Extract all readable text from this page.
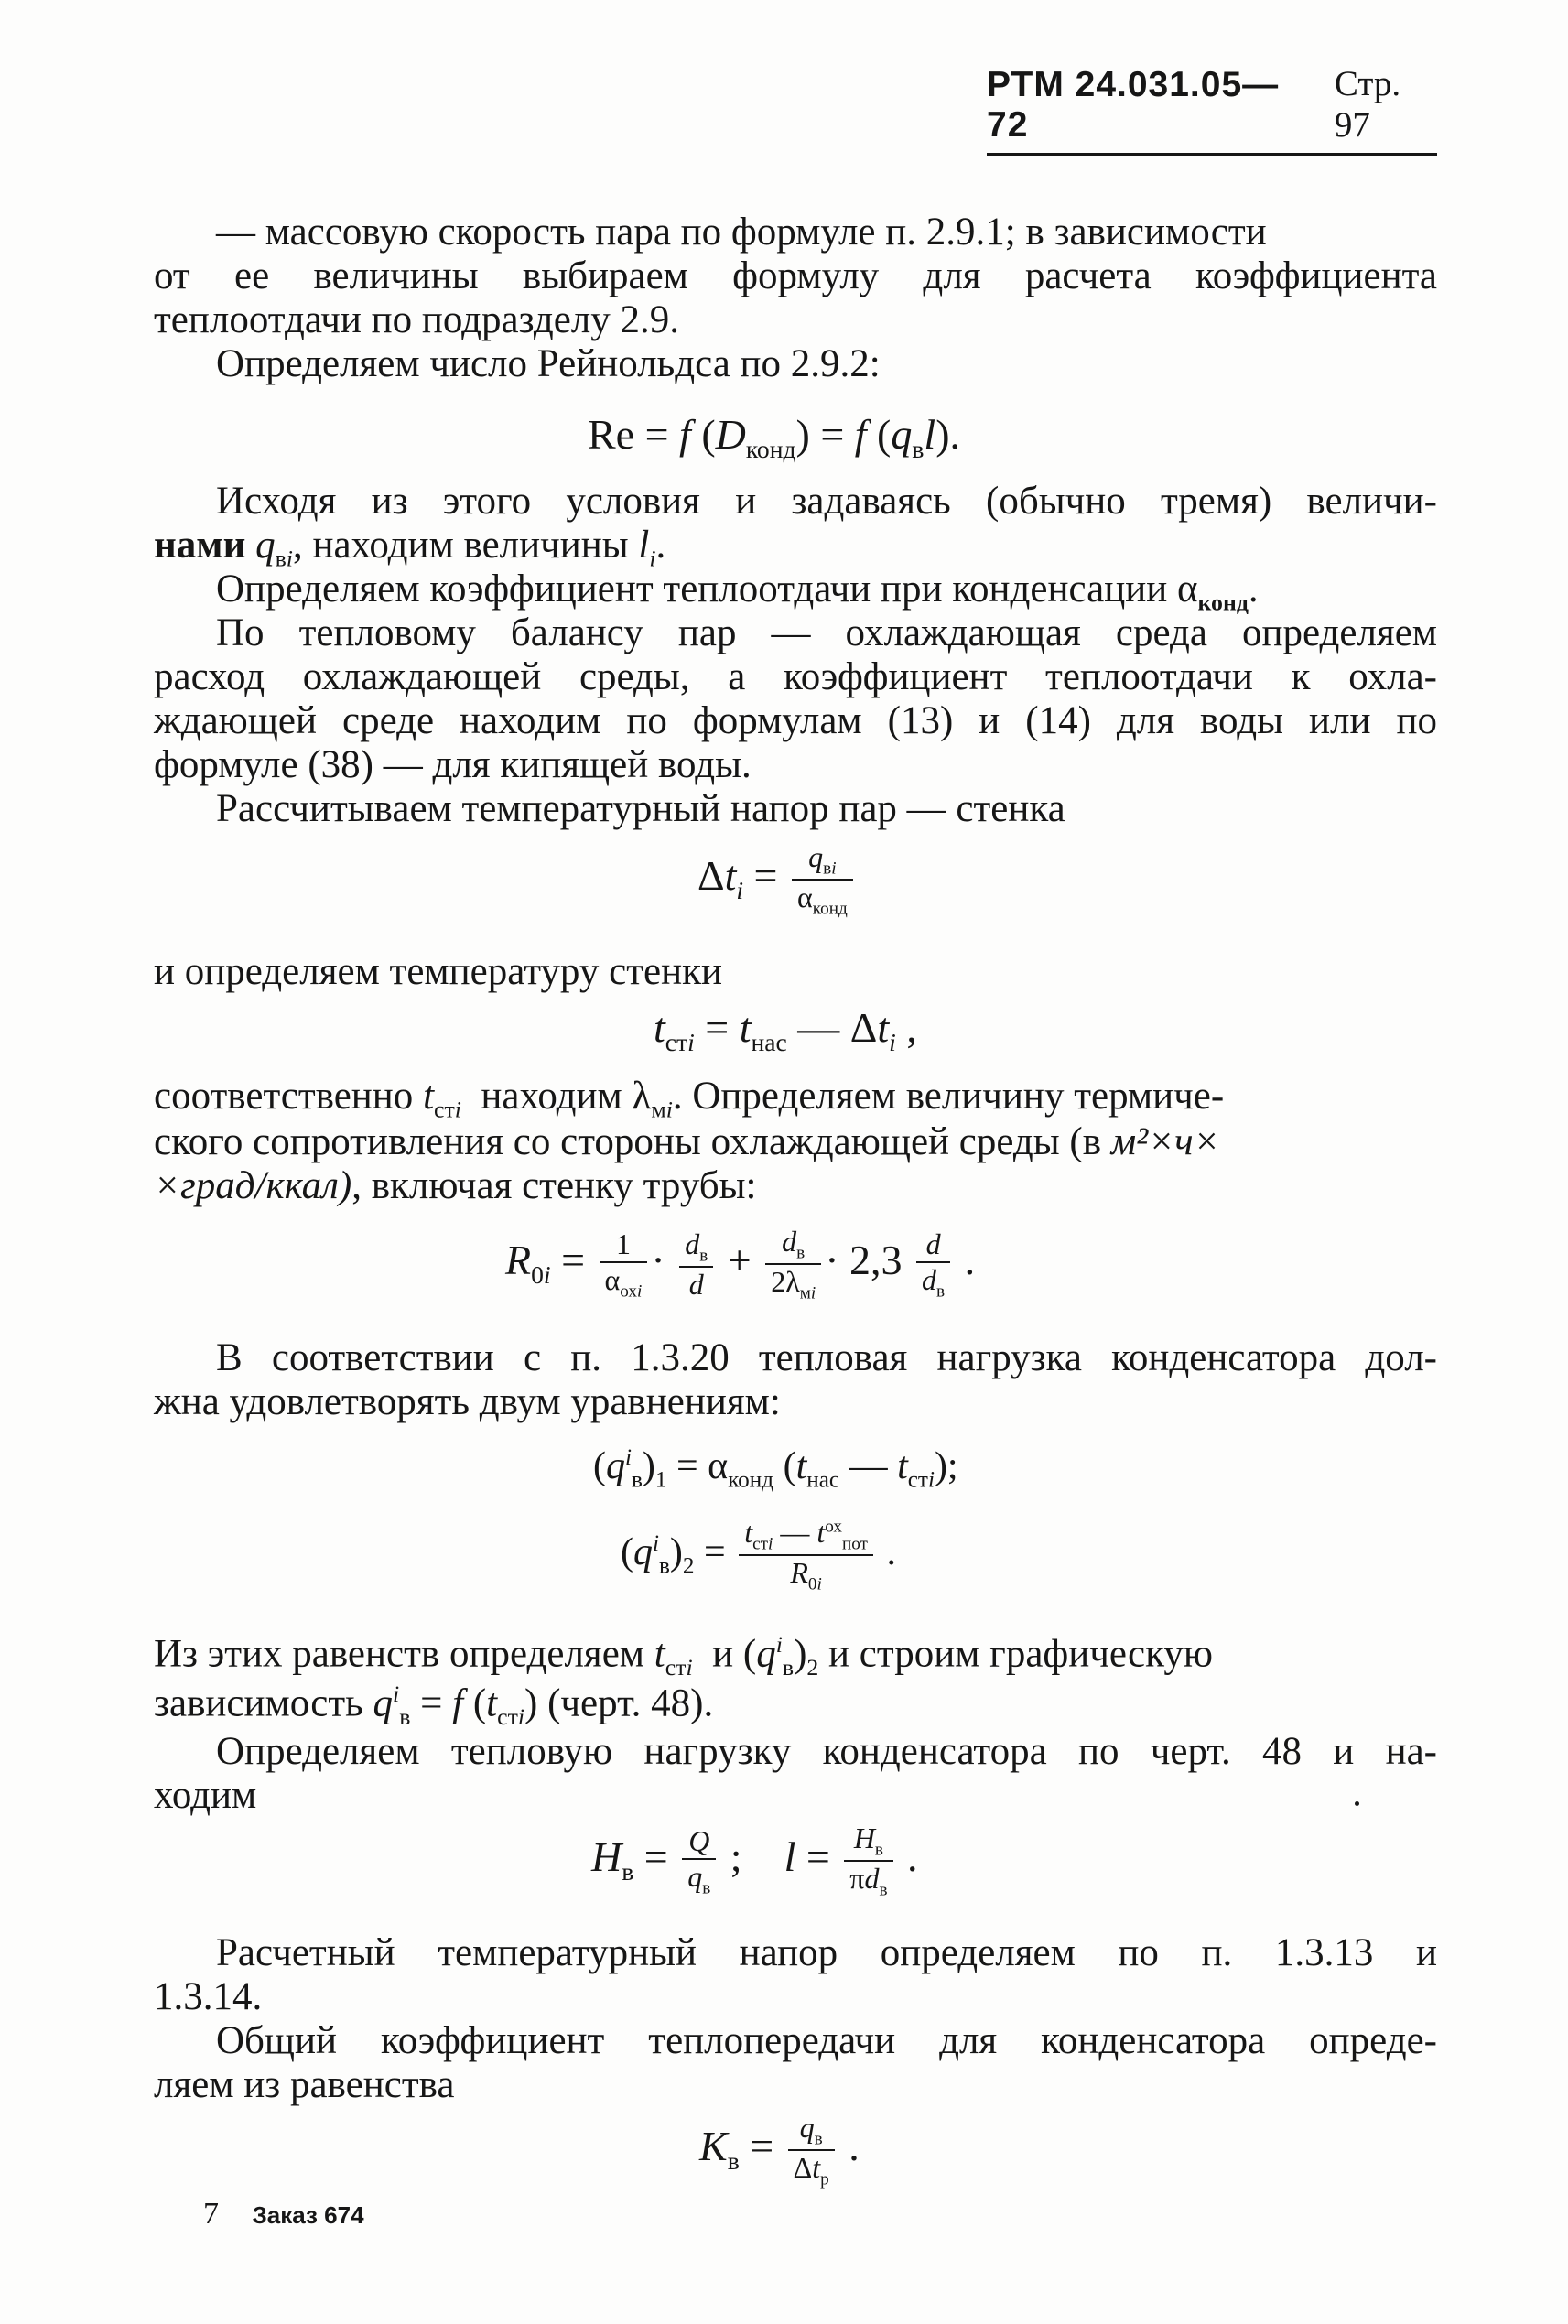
РТМ 24.031.05—72
Стр. 97
— массовую скорость пара по формуле п. 2.9.1; в зависимости
от ее величины выбираем формулу для расчета коэффициента
теплоотдачи по подразделу 2.9.
Определяем число Рейнольдса по 2.9.2:
Re = f $(D_{конд}) = f$ $(q_вl)$.
Исходя из этого условия и задаваясь (обычно тремя) величи-
нами $q_{вi}$, находим величины $l_i$.
Определяем коэффициент теплоотдачи при конденсации $\alpha_{конд}$.
По тепловому балансу пар — охлаждающая среда определяем
расход охлаждающей среды, а коэффициент теплоотдачи к охла-
ждающей среде находим по формулам (13) и (14) для воды или по
формуле (38) — для кипящей воды.
Рассчитываем температурный напор пар — стенка
$\Delta t_i = \frac{q_{вi}}{\alpha_{конд}}$
и определяем температуру стенки
$t_{стi} = t_{нас}$ — $\Delta t_i$ ,
соответственно $t_{стi}$ находим $\lambda_{мi}$. Определяем величину термиче-
ского сопротивления со стороны охлаждающей среды (в м²×ч×
×град/ккал), включая стенку трубы:
$R_{0i} = \frac{1}{\alpha_{охi}} \cdot \frac{d_в}{d} + \frac{d_в}{2\lambda_{мi}} \cdot 2,3 \frac{d}{d_в}$ .
В соответствии с п. 1.3.20 тепловая нагрузка конденсатора дол-
жна удовлетворять двум уравнениям:
$(q^i_в)_1 = \alpha_{конд}$ ($t_{нас}$ — $t_{стi}$);
$(q^i_в)_2 = \frac{t_{стi} — t^{ох}_{пот}}{R_{0i}}$ .
Из этих равенств определяем $t_{стi}$ и $(q^i_в)_2$ и строим графическую
зависимость $q^i_в = f$ $(t_{стi})$ (черт. 48).
Определяем тепловую нагрузку конденсатора по черт. 48 и на-
ходим
$H_в = \frac{Q}{q_в}$ ;    $l = \frac{H_в}{\pi d_в}$ .
Расчетный температурный напор определяем по п. 1.3.13 и
1.3.14.
Общий коэффициент теплопередачи для конденсатора опреде-
ляем из равенства
$K_в = \frac{q_в}{\Delta t_р}$ .
7 Заказ 674
